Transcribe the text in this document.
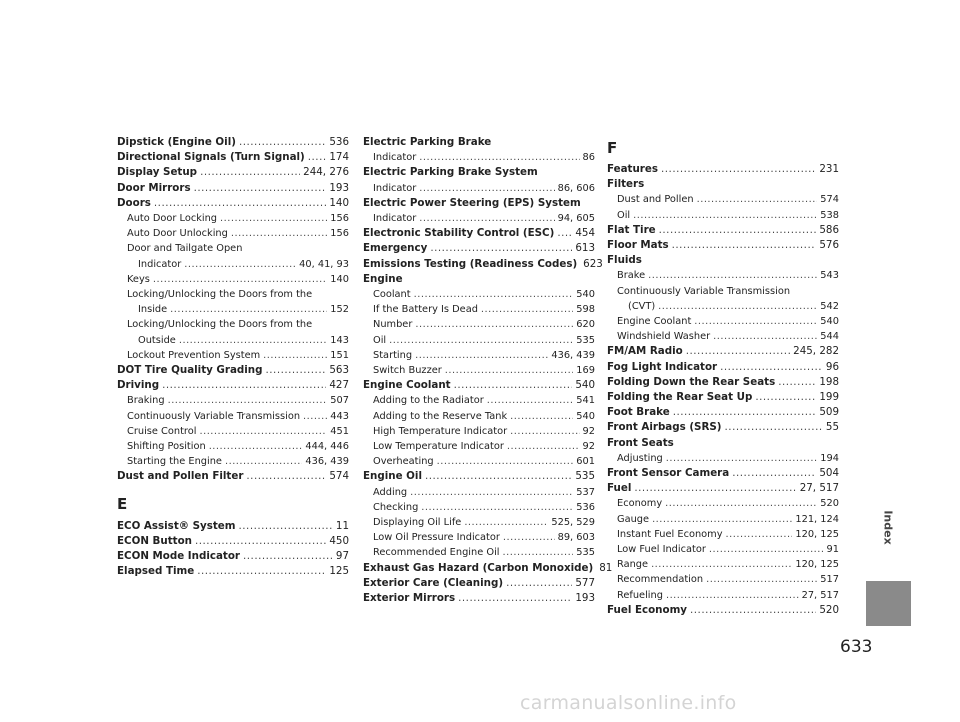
Dipstick (Engine Oil) .....	536
Directional Signals (Turn Signal) ..... 174
Display Setup .....	244, 276
Door Mirrors .....	193
Doors .....	140
Auto Door Locking .....	156
Auto Door Unlocking .....	156
Door and Tailgate Open
Indicator .....	40, 41, 93
Keys .....	140
Locking/Unlocking the Doors from the
Inside .....	152
Locking/Unlocking the Doors from the
Outside .....	143
Lockout Prevention System .....	151
DOT Tire Quality Grading .....	563
Driving .....	427
Braking .....	507
Continuously Variable Transmission .....	443
Cruise Control .....	451
Shifting Position .....	444, 446
Starting the Engine .....	436, 439
Dust and Pollen Filter .....	574
E
ECO Assist® System .....	11
ECON Button .....	450
ECON Mode Indicator .....	97
Elapsed Time .....	125
Electric Parking Brake
Indicator .....	86
Electric Parking Brake System
Indicator .....	86, 606
Electric Power Steering (EPS) System
Indicator .....	94, 605
Electronic Stability Control (ESC) ..... 454
Emergency .....	613
Emissions Testing (Readiness Codes) 623
Engine
Coolant .....	540
If the Battery Is Dead .....	598
Number .....	620
Oil .....	535
Starting .....	436, 439
Switch Buzzer .....	169
Engine Coolant .....	540
Adding to the Radiator .....	541
Adding to the Reserve Tank .....	540
High Temperature Indicator .....	92
Low Temperature Indicator .....	92
Overheating .....	601
Engine Oil .....	535
Adding .....	537
Checking .....	536
Displaying Oil Life .....	525, 529
Low Oil Pressure Indicator .....	89, 603
Recommended Engine Oil .....	535
Exhaust Gas Hazard (Carbon Monoxide) 81
Exterior Care (Cleaning) .....	577
Exterior Mirrors .....	193
F
Features .....	231
Filters
Dust and Pollen .....	574
Oil .....	538
Flat Tire .....	586
Floor Mats .....	576
Fluids
Brake .....	543
Continuously Variable Transmission
(CVT) .....	542
Engine Coolant .....	540
Windshield Washer .....	544
FM/AM Radio .....	245, 282
Fog Light Indicator .....	96
Folding Down the Rear Seats .....	198
Folding the Rear Seat Up .....	199
Foot Brake .....	509
Front Airbags (SRS) .....	55
Front Seats
Adjusting .....	194
Front Sensor Camera .....	504
Fuel .....	27, 517
Economy .....	520
Gauge .....	121, 124
Instant Fuel Economy .....	120, 125
Low Fuel Indicator .....	91
Range .....	120, 125
Recommendation .....	517
Refueling .....	27, 517
Fuel Economy .....	520
Index
633
carmanualsonline.info
